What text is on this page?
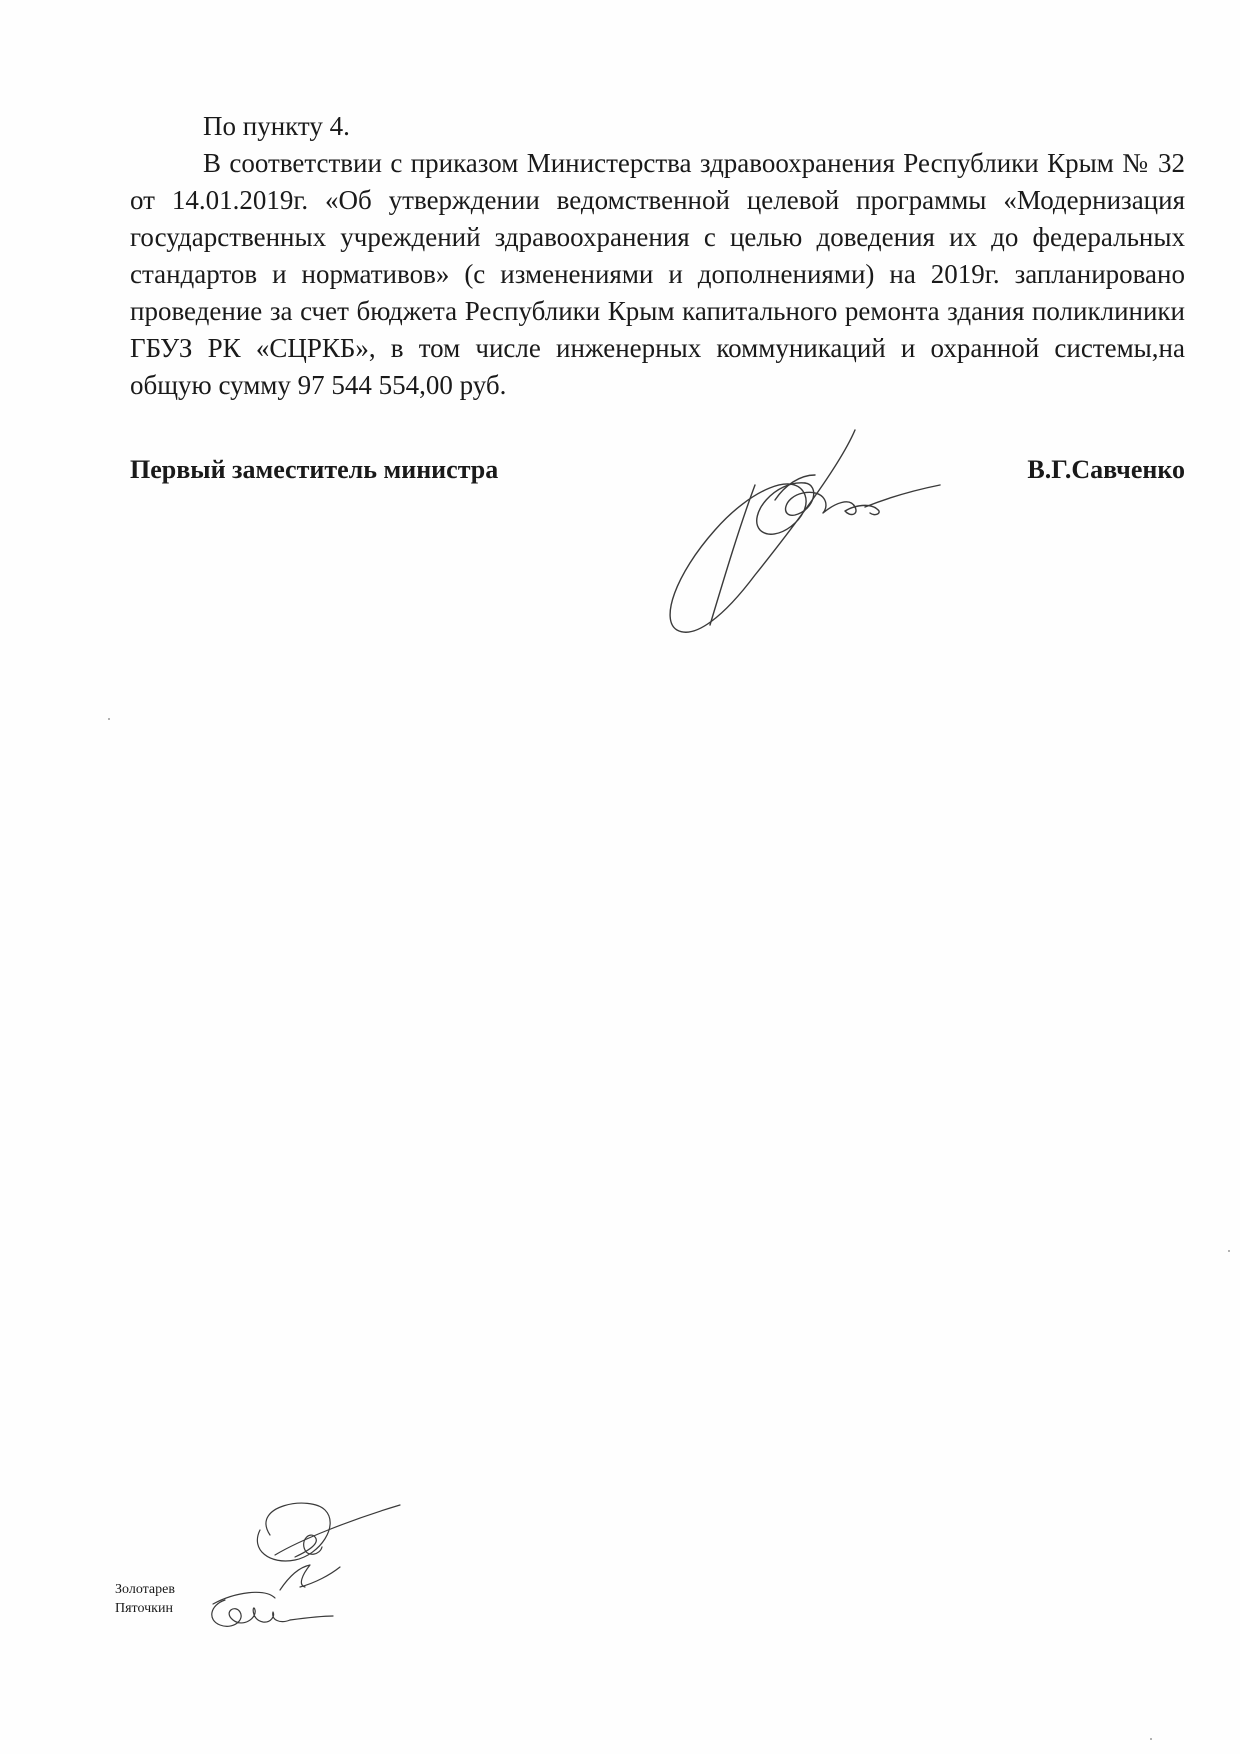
По пункту 4.

В соответствии с приказом Министерства здравоохранения Республики Крым № 32 от 14.01.2019г. «Об утверждении ведомственной целевой программы «Модернизация государственных учреждений здравоохранения с целью доведения их до федеральных стандартов и нормативов» (с изменениями и дополнениями) на 2019г. запланировано проведение за счет бюджета Республики Крым капитального ремонта здания поликлиники ГБУЗ РК «СЦРКБ», в том числе инженерных коммуникаций и охранной системы,на общую сумму 97 544 554,00 руб.

Первый заместитель министра	В.Г.Савченко
Золотарев
Пяточкин
